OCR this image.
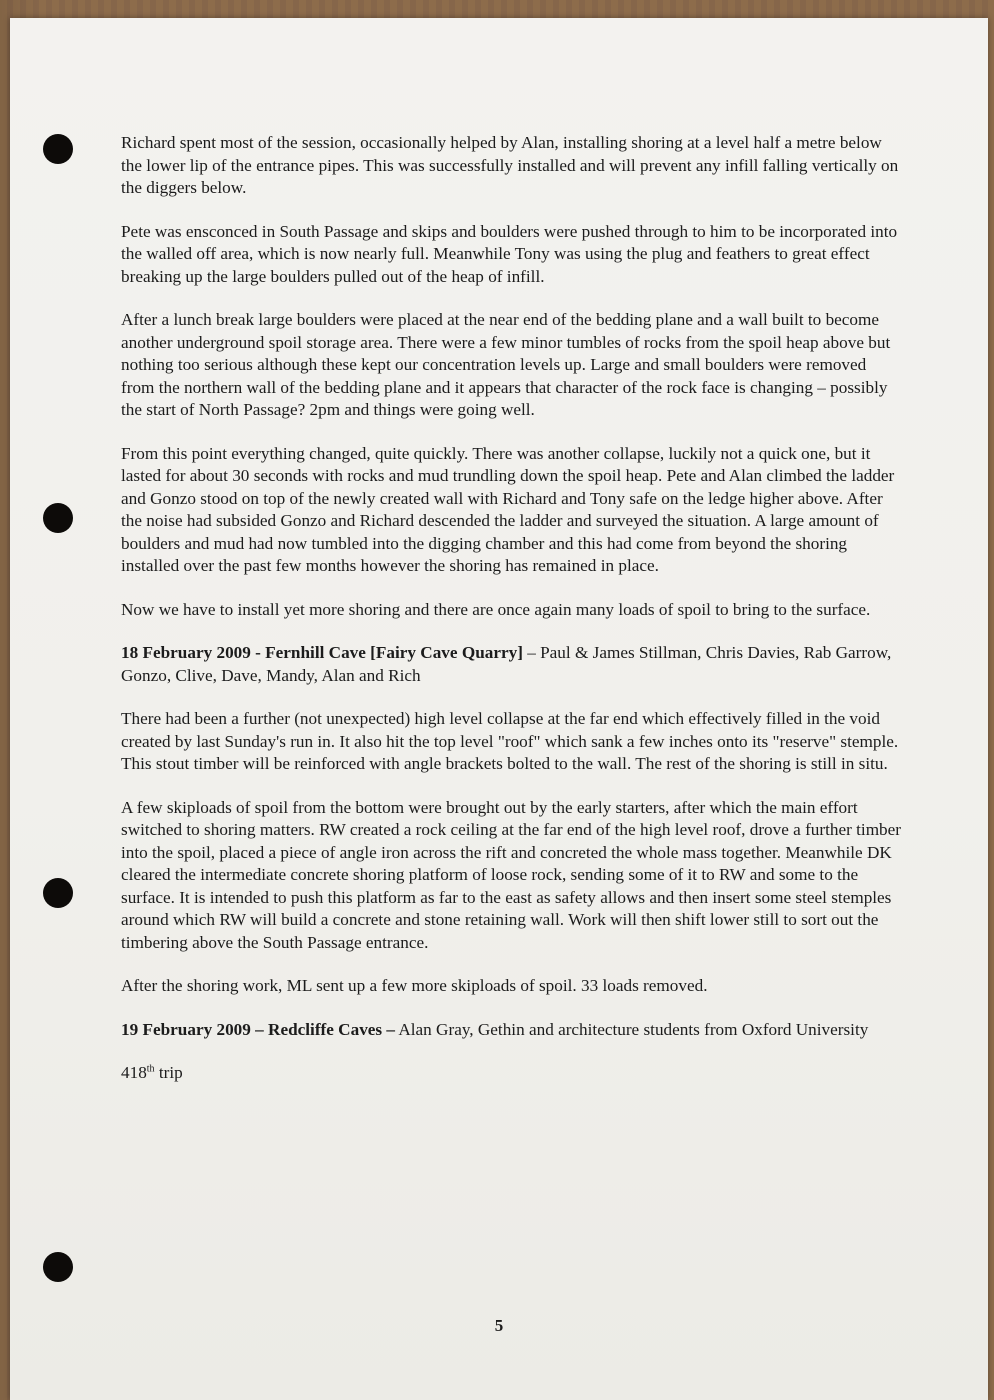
Richard spent most of the session, occasionally helped by Alan, installing shoring at a level half a metre below the lower lip of the entrance pipes. This was successfully installed and will prevent any infill falling vertically on the diggers below.

Pete was ensconced in South Passage and skips and boulders were pushed through to him to be incorporated into the walled off area, which is now nearly full. Meanwhile Tony was using the plug and feathers to great effect breaking up the large boulders pulled out of the heap of infill.

After a lunch break large boulders were placed at the near end of the bedding plane and a wall built to become another underground spoil storage area. There were a few minor tumbles of rocks from the spoil heap above but nothing too serious although these kept our concentration levels up. Large and small boulders were removed from the northern wall of the bedding plane and it appears that character of the rock face is changing – possibly the start of North Passage? 2pm and things were going well.

From this point everything changed, quite quickly. There was another collapse, luckily not a quick one, but it lasted for about 30 seconds with rocks and mud trundling down the spoil heap. Pete and Alan climbed the ladder and Gonzo stood on top of the newly created wall with Richard and Tony safe on the ledge higher above. After the noise had subsided Gonzo and Richard descended the ladder and surveyed the situation. A large amount of boulders and mud had now tumbled into the digging chamber and this had come from beyond the shoring installed over the past few months however the shoring has remained in place.

Now we have to install yet more shoring and there are once again many loads of spoil to bring to the surface.

18 February 2009 - Fernhill Cave [Fairy Cave Quarry] – Paul & James Stillman, Chris Davies, Rab Garrow, Gonzo, Clive, Dave, Mandy, Alan and Rich

There had been a further (not unexpected) high level collapse at the far end which effectively filled in the void created by last Sunday's run in. It also hit the top level "roof" which sank a few inches onto its "reserve" stemple. This stout timber will be reinforced with angle brackets bolted to the wall. The rest of the shoring is still in situ.

A few skiploads of spoil from the bottom were brought out by the early starters, after which the main effort switched to shoring matters. RW created a rock ceiling at the far end of the high level roof, drove a further timber into the spoil, placed a piece of angle iron across the rift and concreted the whole mass together. Meanwhile DK cleared the intermediate concrete shoring platform of loose rock, sending some of it to RW and some to the surface. It is intended to push this platform as far to the east as safety allows and then insert some steel stemples around which RW will build a concrete and stone retaining wall. Work will then shift lower still to sort out the timbering above the South Passage entrance.

After the shoring work, ML sent up a few more skiploads of spoil. 33 loads removed.

19 February 2009 – Redcliffe Caves – Alan Gray, Gethin and architecture students from Oxford University

418th trip

5
